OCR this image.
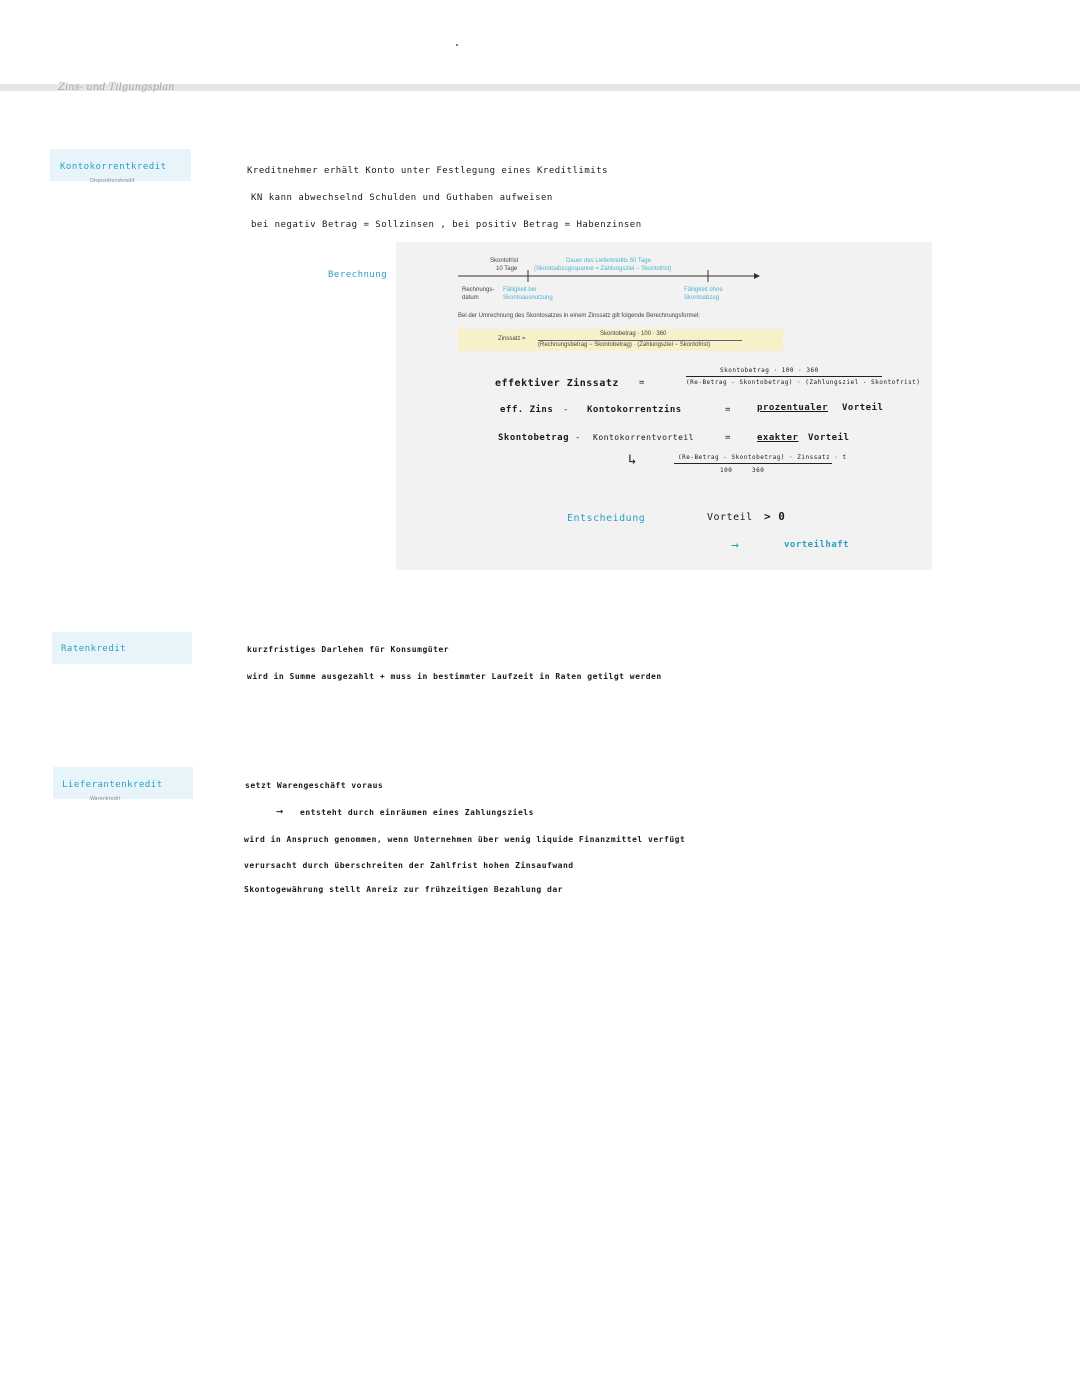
Zins- und Tilgungsplan
Kontokorrentkredit
Dispositionskredit
Kreditnehmer erhält Konto unter Festlegung eines Kreditlimits
KN kann abwechselnd Schulden und Guthaben aufweisen
bei negativ Betrag = Sollzinsen , bei positiv Betrag = Habenzinsen
Berechnung
Skontofrist
10 Tage
Dauer des Lieferkredits 50 Tage
(Skontoabzugsspanne = Zahlungsziel − Skontofrist)
Rechnungs- datum
Fälligkeit bei Skontoausnutzung
Fälligkeit ohne Skontoabzug
Bei der Umrechnung des Skontosatzes in einem Zinssatz gilt folgende Berechnungsformel:
Zinssatz =
Skontobetrag · 100 · 360
(Rechnungsbetrag − Skontobetrag) · (Zahlungsziel − Skontofrist)
effektiver Zinssatz =
Skontobetrag · 100 · 360
(Re-Betrag - Skontobetrag) · (Zahlungsziel - Skontofrist)
eff. Zins - Kontokorrentzins	=	prozentualer Vorteil
Skontobetrag - Kontokorrentvorteil	=	exakter Vorteil
↳	(Re-Betrag - Skontobetrag) · Zinssatz · t
100	360
Entscheidung	Vorteil > 0
→	vorteilhaft
Ratenkredit	kurzfristiges Darlehen für Konsumgüter
wird in Summe ausgezahlt + muss in bestimmter Laufzeit in Raten getilgt werden
Lieferantenkredit
Warenkredit
setzt Warengeschäft voraus
→ entsteht durch einräumen eines Zahlungsziels
wird in Anspruch genommen, wenn Unternehmen über wenig liquide Finanzmittel verfügt
verursacht durch überschreiten der Zahlfrist hohen Zinsaufwand
Skontogewährung stellt Anreiz zur frühzeitigen Bezahlung dar
